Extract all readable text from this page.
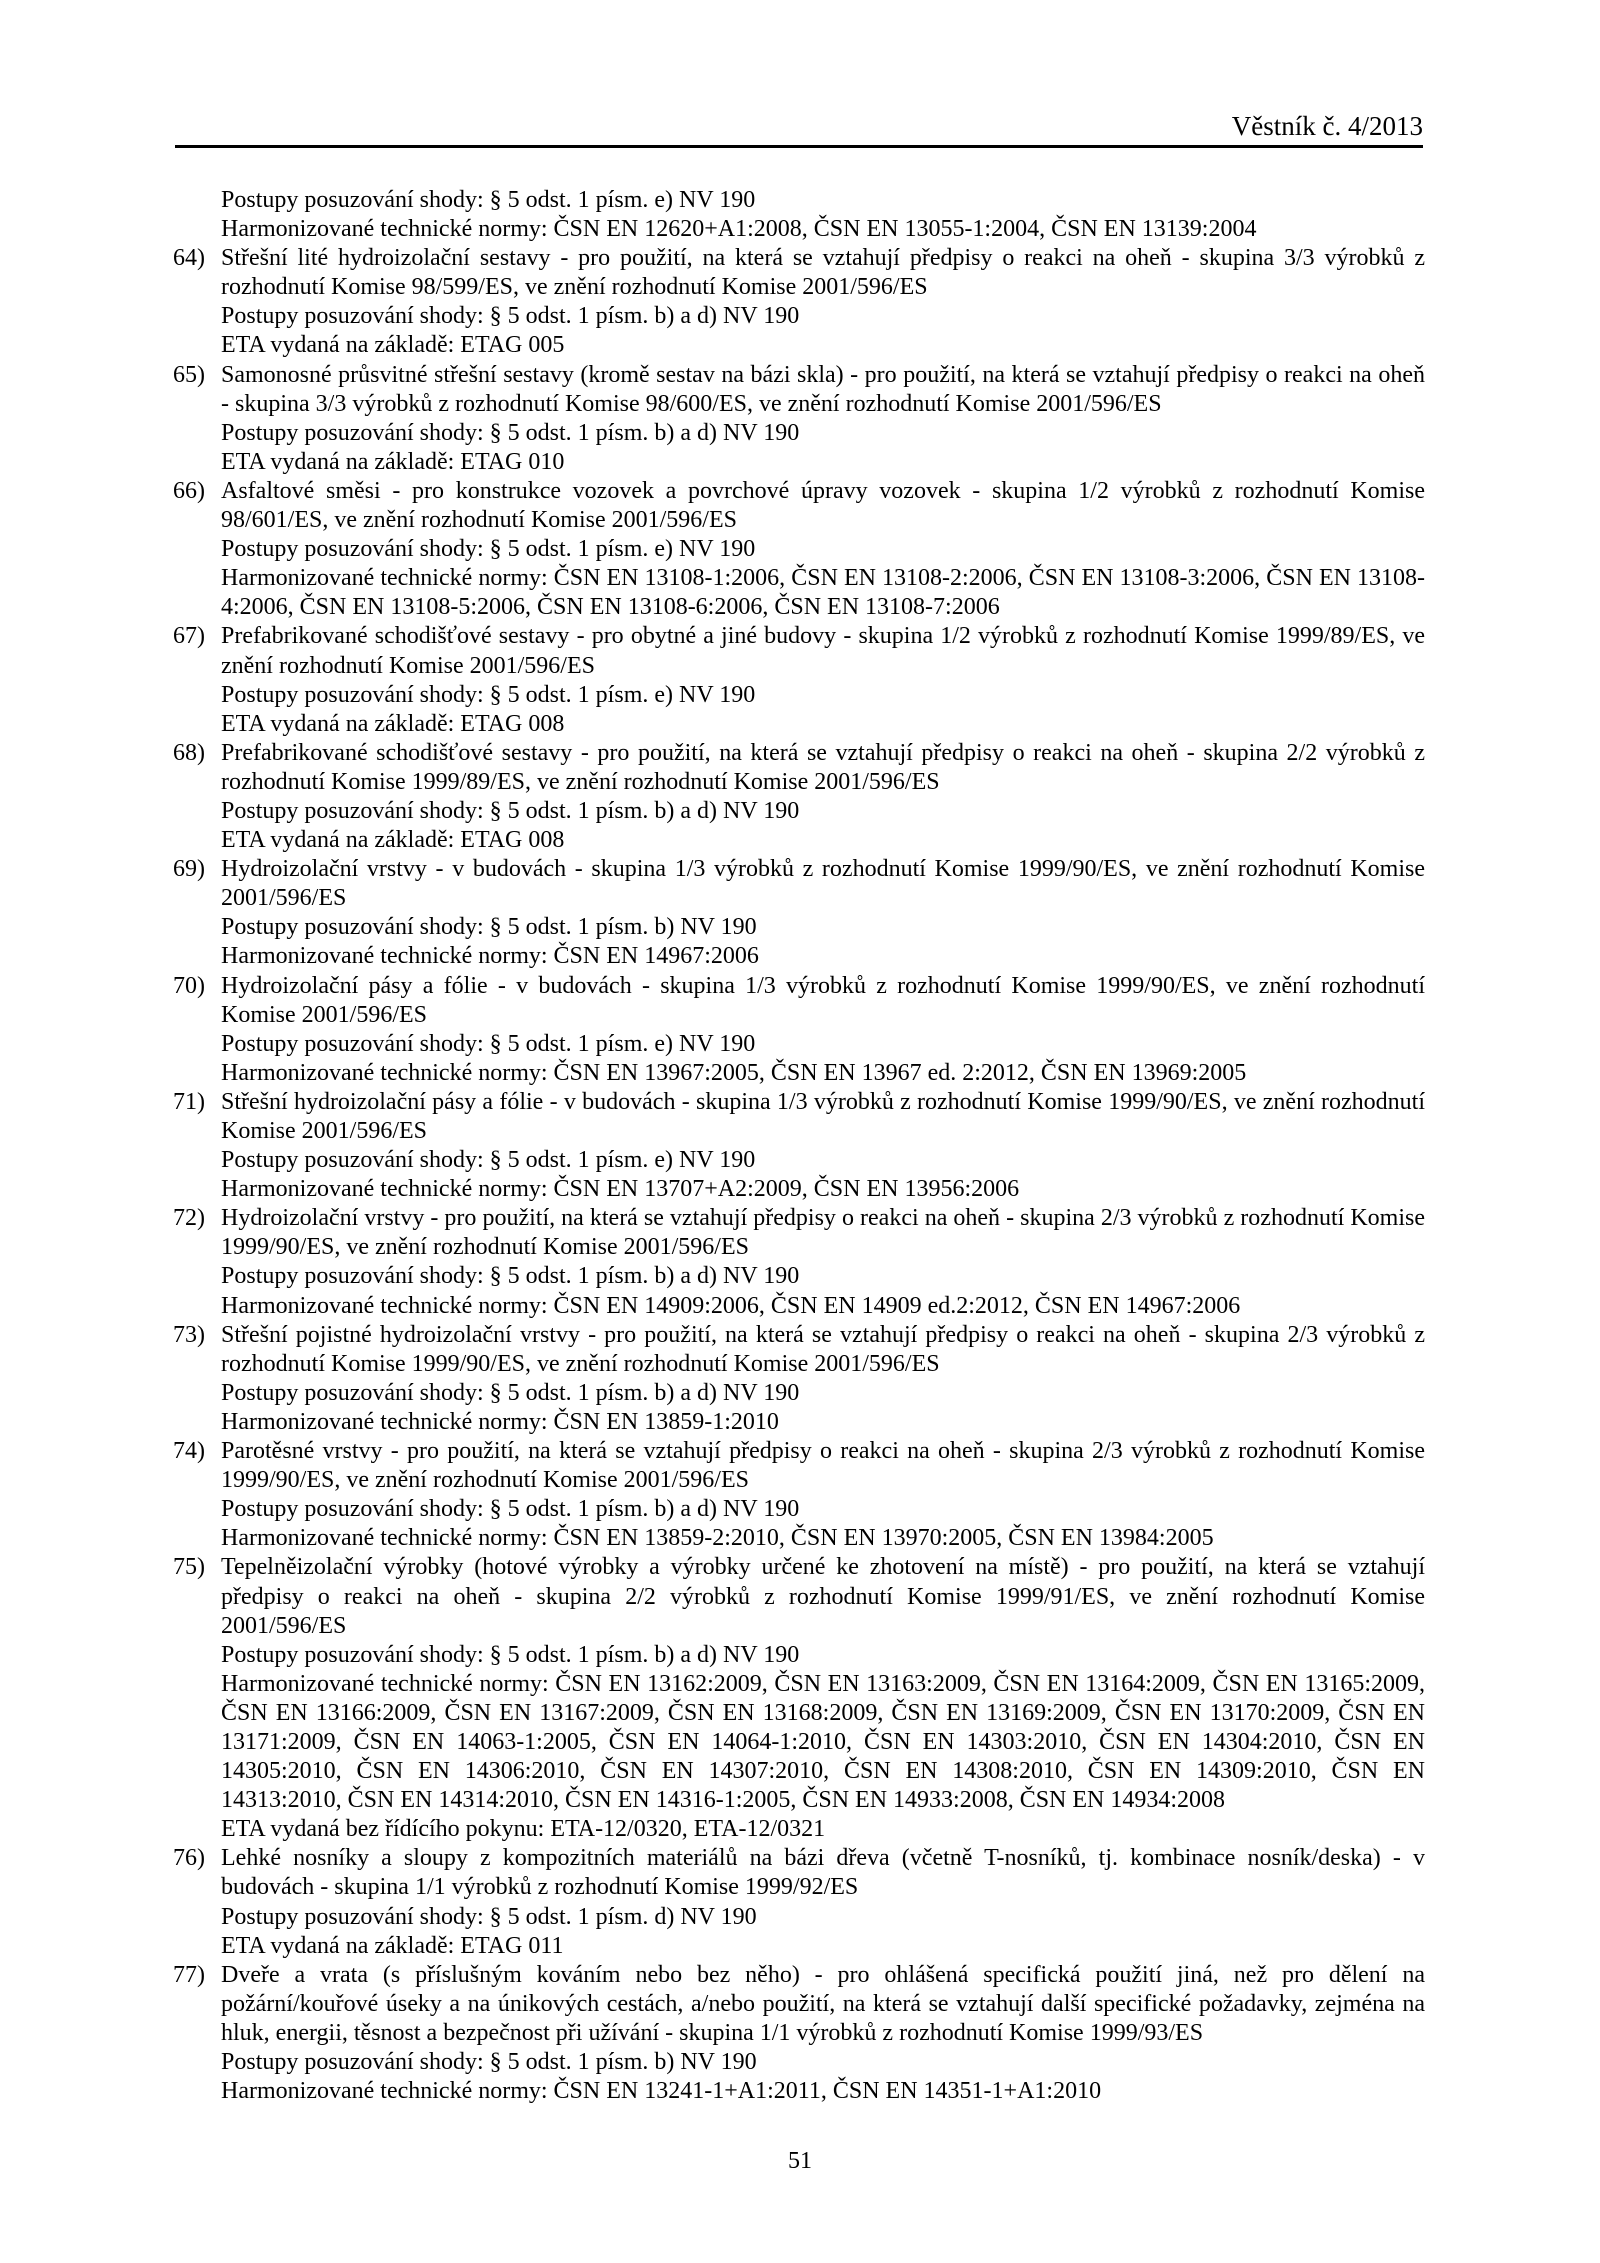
Věstník č. 4/2013

Postupy posuzování shody: § 5 odst. 1 písm. e) NV 190

Harmonizované technické normy: ČSN EN 12620+A1:2008, ČSN EN 13055-1:2004, ČSN EN 13139:2004

64) Střešní lité hydroizolační sestavy - pro použití, na která se vztahují předpisy o reakci na oheň - skupina 3/3 výrobků z rozhodnutí Komise 98/599/ES, ve znění rozhodnutí Komise 2001/596/ES

Postupy posuzování shody: § 5 odst. 1 písm. b) a d) NV 190

ETA vydaná na základě: ETAG 005

65) Samonosné průsvitné střešní sestavy (kromě sestav na bázi skla) - pro použití, na která se vztahují předpisy o reakci na oheň - skupina 3/3 výrobků z rozhodnutí Komise 98/600/ES, ve znění rozhodnutí Komise 2001/596/ES

Postupy posuzování shody: § 5 odst. 1 písm. b) a d) NV 190

ETA vydaná na základě: ETAG 010

66) Asfaltové směsi - pro konstrukce vozovek a povrchové úpravy vozovek - skupina 1/2 výrobků z rozhodnutí Komise 98/601/ES, ve znění rozhodnutí Komise 2001/596/ES

Postupy posuzování shody: § 5 odst. 1 písm. e) NV 190

Harmonizované technické normy: ČSN EN 13108-1:2006, ČSN EN 13108-2:2006, ČSN EN 13108-3:2006, ČSN EN 13108-4:2006, ČSN EN 13108-5:2006, ČSN EN 13108-6:2006, ČSN EN 13108-7:2006

67) Prefabrikované schodišťové sestavy - pro obytné a jiné budovy - skupina 1/2 výrobků z rozhodnutí Komise 1999/89/ES, ve znění rozhodnutí Komise 2001/596/ES

Postupy posuzování shody: § 5 odst. 1 písm. e) NV 190

ETA vydaná na základě: ETAG 008

68) Prefabrikované schodišťové sestavy - pro použití, na která se vztahují předpisy o reakci na oheň - skupina 2/2 výrobků z rozhodnutí Komise 1999/89/ES, ve znění rozhodnutí Komise 2001/596/ES

Postupy posuzování shody: § 5 odst. 1 písm. b) a d) NV 190

ETA vydaná na základě: ETAG 008

69) Hydroizolační vrstvy - v budovách - skupina 1/3 výrobků z rozhodnutí Komise 1999/90/ES, ve znění rozhodnutí Komise 2001/596/ES

Postupy posuzování shody: § 5 odst. 1 písm. b) NV 190

Harmonizované technické normy: ČSN EN 14967:2006

70) Hydroizolační pásy a fólie - v budovách - skupina 1/3 výrobků z rozhodnutí Komise 1999/90/ES, ve znění rozhodnutí Komise 2001/596/ES

Postupy posuzování shody: § 5 odst. 1 písm. e) NV 190

Harmonizované technické normy: ČSN EN 13967:2005, ČSN EN 13967 ed. 2:2012, ČSN EN 13969:2005

71) Střešní hydroizolační pásy a fólie - v budovách - skupina 1/3 výrobků z rozhodnutí Komise 1999/90/ES, ve znění rozhodnutí Komise 2001/596/ES

Postupy posuzování shody: § 5 odst. 1 písm. e) NV 190

Harmonizované technické normy: ČSN EN 13707+A2:2009, ČSN EN 13956:2006

72) Hydroizolační vrstvy - pro použití, na která se vztahují předpisy o reakci na oheň - skupina 2/3 výrobků z rozhodnutí Komise 1999/90/ES, ve znění rozhodnutí Komise 2001/596/ES

Postupy posuzování shody: § 5 odst. 1 písm. b) a d) NV 190

Harmonizované technické normy: ČSN EN 14909:2006, ČSN EN 14909 ed.2:2012, ČSN EN 14967:2006

73) Střešní pojistné hydroizolační vrstvy - pro použití, na která se vztahují předpisy o reakci na oheň - skupina 2/3 výrobků z rozhodnutí Komise 1999/90/ES, ve znění rozhodnutí Komise 2001/596/ES

Postupy posuzování shody: § 5 odst. 1 písm. b) a d) NV 190

Harmonizované technické normy: ČSN EN 13859-1:2010

74) Parotěsné vrstvy - pro použití, na která se vztahují předpisy o reakci na oheň - skupina 2/3 výrobků z rozhodnutí Komise 1999/90/ES, ve znění rozhodnutí Komise 2001/596/ES

Postupy posuzování shody: § 5 odst. 1 písm. b) a d) NV 190

Harmonizované technické normy: ČSN EN 13859-2:2010, ČSN EN 13970:2005, ČSN EN 13984:2005

75) Tepelněizolační výrobky (hotové výrobky a výrobky určené ke zhotovení na místě) - pro použití, na která se vztahují předpisy o reakci na oheň - skupina 2/2 výrobků z rozhodnutí Komise 1999/91/ES, ve znění rozhodnutí Komise 2001/596/ES

Postupy posuzování shody: § 5 odst. 1 písm. b) a d) NV 190

Harmonizované technické normy: ČSN EN 13162:2009, ČSN EN 13163:2009, ČSN EN 13164:2009, ČSN EN 13165:2009, ČSN EN 13166:2009, ČSN EN 13167:2009, ČSN EN 13168:2009, ČSN EN 13169:2009, ČSN EN 13170:2009, ČSN EN 13171:2009, ČSN EN 14063-1:2005, ČSN EN 14064-1:2010, ČSN EN 14303:2010, ČSN EN 14304:2010, ČSN EN 14305:2010, ČSN EN 14306:2010, ČSN EN 14307:2010, ČSN EN 14308:2010, ČSN EN 14309:2010, ČSN EN 14313:2010, ČSN EN 14314:2010, ČSN EN 14316-1:2005, ČSN EN 14933:2008, ČSN EN 14934:2008

ETA vydaná bez řídícího pokynu: ETA-12/0320, ETA-12/0321

76) Lehké nosníky a sloupy z kompozitních materiálů na bázi dřeva (včetně T-nosníků, tj. kombinace nosník/deska) - v budovách - skupina 1/1 výrobků z rozhodnutí Komise 1999/92/ES

Postupy posuzování shody: § 5 odst. 1 písm. d) NV 190

ETA vydaná na základě: ETAG 011

77) Dveře a vrata (s příslušným kováním nebo bez něho) - pro ohlášená specifická použití jiná, než pro dělení na požární/kouřové úseky a na únikových cestách, a/nebo použití, na která se vztahují další specifické požadavky, zejména na hluk, energii, těsnost a bezpečnost při užívání - skupina 1/1 výrobků z rozhodnutí Komise 1999/93/ES

Postupy posuzování shody: § 5 odst. 1 písm. b) NV 190

Harmonizované technické normy: ČSN EN 13241-1+A1:2011, ČSN EN 14351-1+A1:2010

51
